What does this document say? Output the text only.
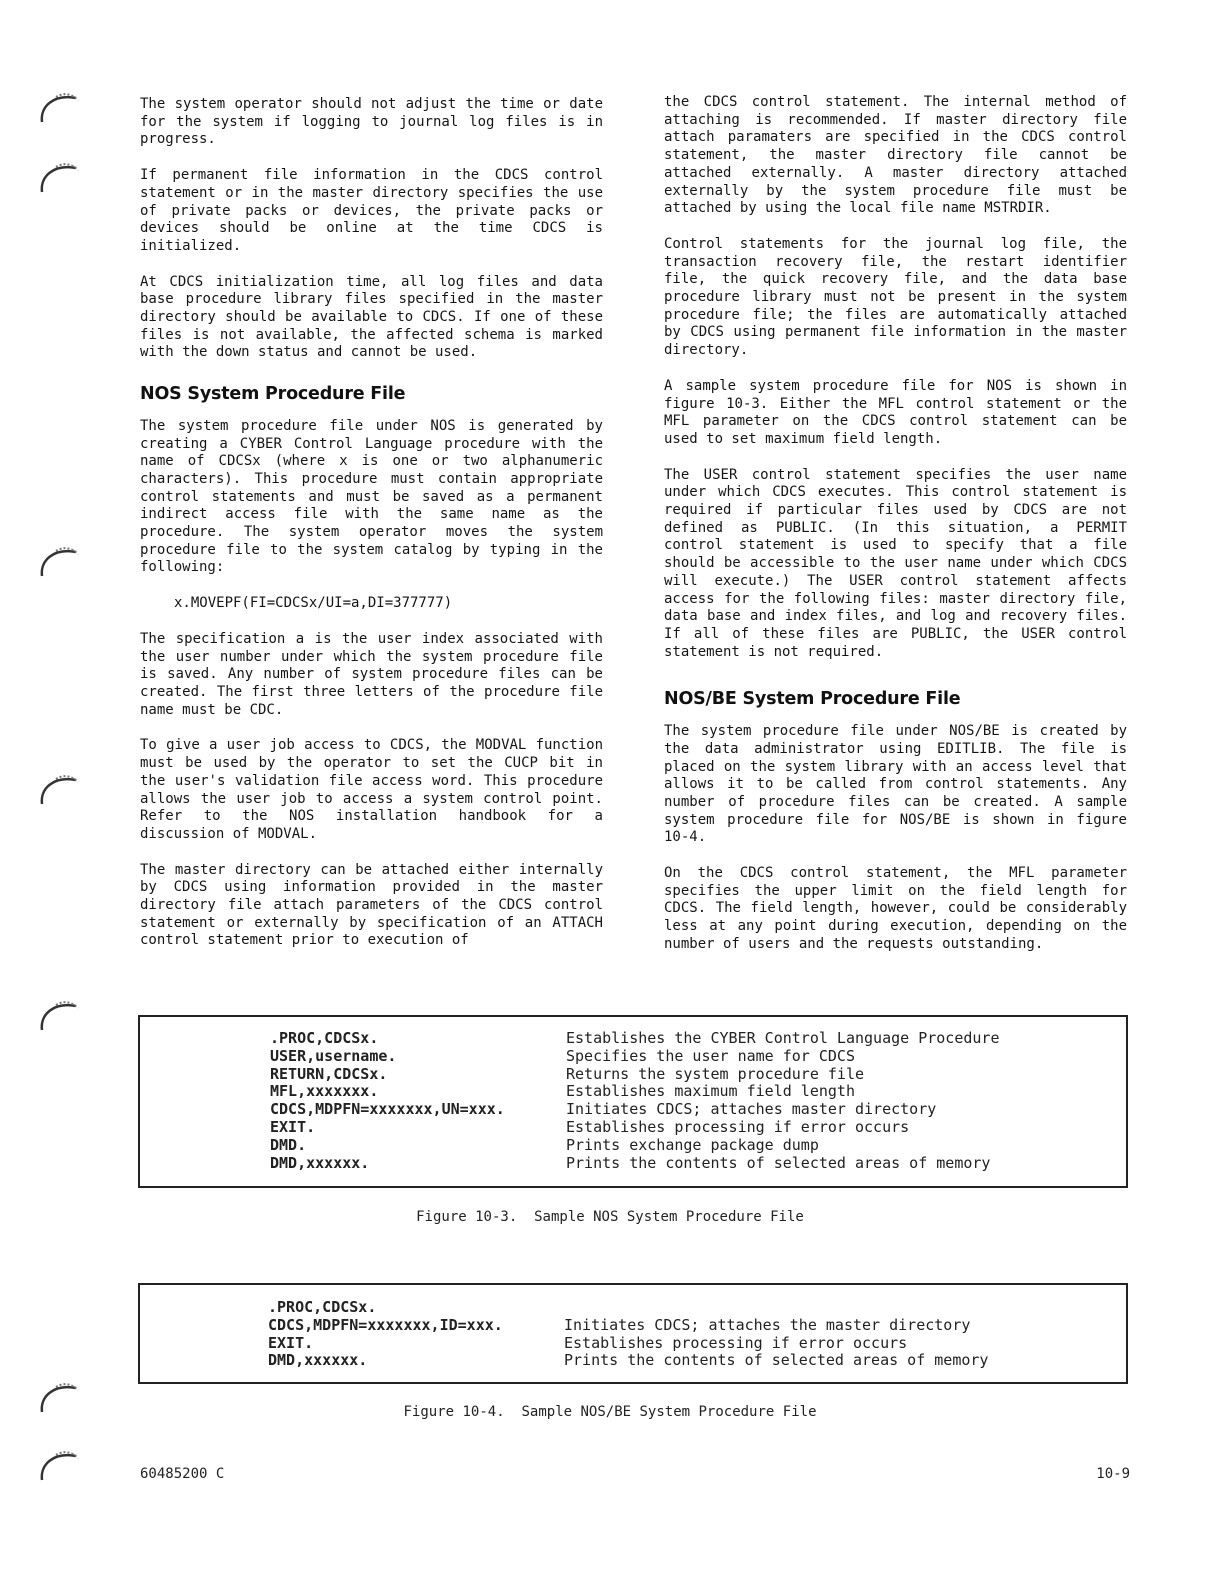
The system operator should not adjust the time or date for the system if logging to journal log files is in progress.

If permanent file information in the CDCS control statement or in the master directory specifies the use of private packs or devices, the private packs or devices should be online at the time CDCS is initialized.

At CDCS initialization time, all log files and data base procedure library files specified in the master directory should be available to CDCS. If one of these files is not available, the affected schema is marked with the down status and cannot be used.

NOS System Procedure File

The system procedure file under NOS is generated by creating a CYBER Control Language procedure with the name of CDCSx (where x is one or two alphanumeric characters). This procedure must contain appropriate control statements and must be saved as a permanent indirect access file with the same name as the procedure. The system operator moves the system procedure file to the system catalog by typing in the following:

x.MOVEPF(FI=CDCSx/UI=a,DI=377777)

The specification a is the user index associated with the user number under which the system procedure file is saved. Any number of system procedure files can be created. The first three letters of the procedure file name must be CDC.

To give a user job access to CDCS, the MODVAL function must be used by the operator to set the CUCP bit in the user's validation file access word. This procedure allows the user job to access a system control point. Refer to the NOS installation handbook for a discussion of MODVAL.

The master directory can be attached either internally by CDCS using information provided in the master directory file attach parameters of the CDCS control statement or externally by specification of an ATTACH control statement prior to execution of

the CDCS control statement. The internal method of attaching is recommended. If master directory file attach paramaters are specified in the CDCS control statement, the master directory file cannot be attached externally. A master directory attached externally by the system procedure file must be attached by using the local file name MSTRDIR.

Control statements for the journal log file, the transaction recovery file, the restart identifier file, the quick recovery file, and the data base procedure library must not be present in the system procedure file; the files are automatically attached by CDCS using permanent file information in the master directory.

A sample system procedure file for NOS is shown in figure 10-3. Either the MFL control statement or the MFL parameter on the CDCS control statement can be used to set maximum field length.

The USER control statement specifies the user name under which CDCS executes. This control statement is required if particular files used by CDCS are not defined as PUBLIC. (In this situation, a PERMIT control statement is used to specify that a file should be accessible to the user name under which CDCS will execute.) The USER control statement affects access for the following files: master directory file, data base and index files, and log and recovery files. If all of these files are PUBLIC, the USER control statement is not required.

NOS/BE System Procedure File

The system procedure file under NOS/BE is created by the data administrator using EDITLIB. The file is placed on the system library with an access level that allows it to be called from control statements. Any number of procedure files can be created. A sample system procedure file for NOS/BE is shown in figure 10-4.

On the CDCS control statement, the MFL parameter specifies the upper limit on the field length for CDCS. The field length, however, could be considerably less at any point during execution, depending on the number of users and the requests outstanding.

.PROC,CDCSx.	Establishes the CYBER Control Language Procedure
USER,username.	Specifies the user name for CDCS
RETURN,CDCSx.	Returns the system procedure file
MFL,xxxxxxx.	Establishes maximum field length
CDCS,MDPFN=xxxxxxx,UN=xxx.	Initiates CDCS; attaches master directory
EXIT.	Establishes processing if error occurs
DMD.	Prints exchange package dump
DMD,xxxxxx.	Prints the contents of selected areas of memory
Figure 10-3.  Sample NOS System Procedure File
.PROC,CDCSx.	
CDCS,MDPFN=xxxxxxx,ID=xxx.	Initiates CDCS; attaches the master directory
EXIT.	Establishes processing if error occurs
DMD,xxxxxx.	Prints the contents of selected areas of memory
Figure 10-4.  Sample NOS/BE System Procedure File
60485200 C	10-9
